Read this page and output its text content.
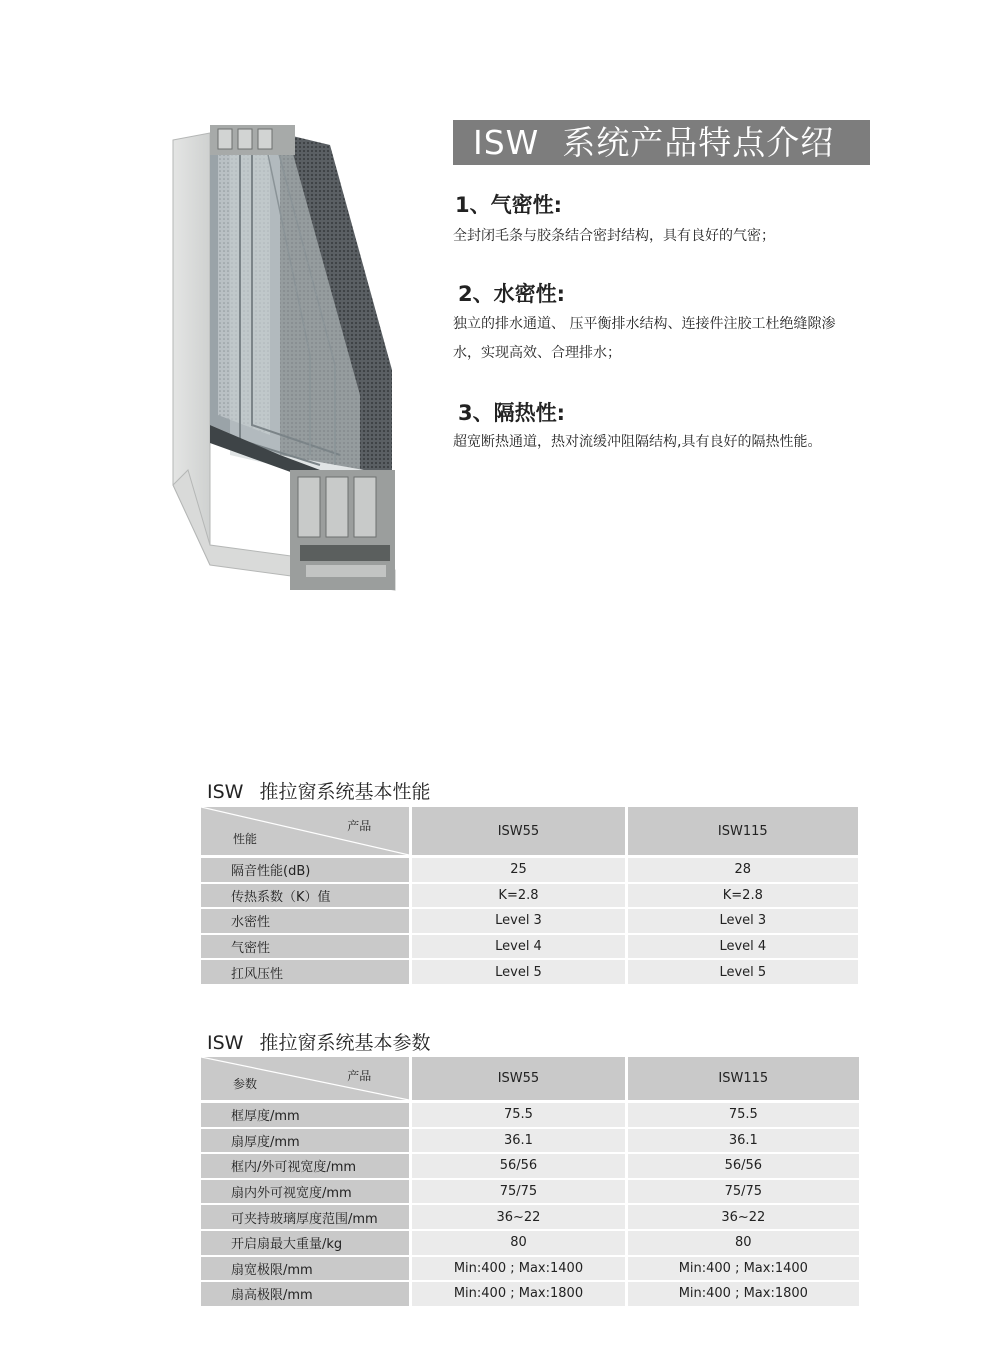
ISW 系统产品特点介绍
1、气密性:
全封闭毛条与胶条结合密封结构，具有良好的气密；
2、水密性:
独立的排水通道、 压平衡排水结构、连接件注胶工杜绝缝隙渗水，实现高效、合理排水；
3、隔热性:
超宽断热通道，热对流缓冲阻隔结构,具有良好的隔热性能。
ISW 推拉窗系统基本性能
产品
性能	ISW55	ISW115
隔音性能(dB)	25	28
传热系数（K）值	K=2.8	K=2.8
水密性	Level 3	Level 3
气密性	Level 4	Level 4
扛风压性	Level 5	Level 5
ISW 推拉窗系统基本参数
产品
参数	ISW55	ISW115
框厚度/mm	75.5	75.5
扇厚度/mm	36.1	36.1
框内/外可视宽度/mm	56/56	56/56
扇内外可视宽度/mm	75/75	75/75
可夹持玻璃厚度范围/mm	36~22	36~22
开启扇最大重量/kg	80	80
扇宽极限/mm	Min:400 ; Max:1400	Min:400 ; Max:1400
扇高极限/mm	Min:400 ; Max:1800	Min:400 ; Max:1800
